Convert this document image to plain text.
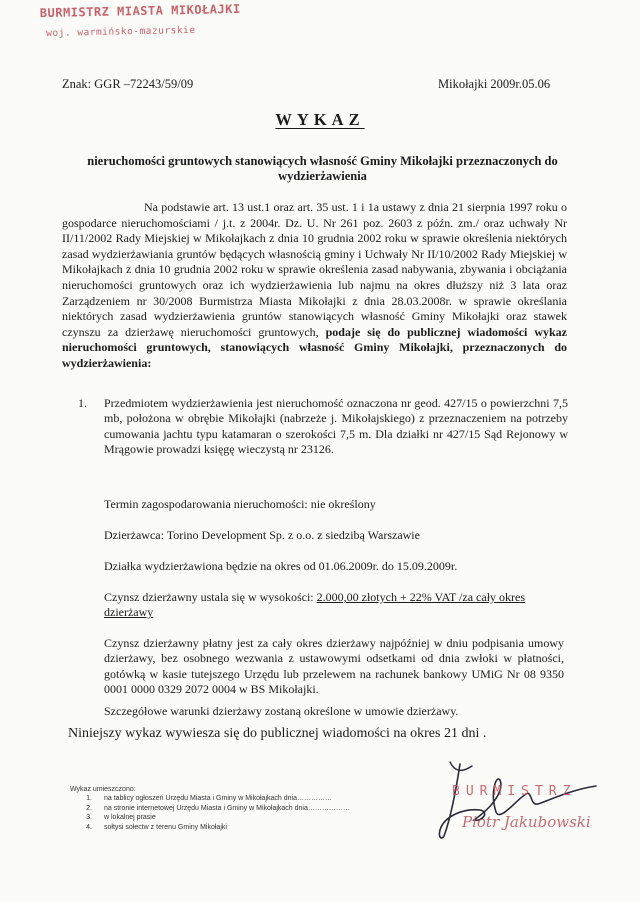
BURMISTRZ MIASTA MIKOŁAJKI
woj. warmińsko-mazurskie
Znak: GGR –72243/59/09	Mikołajki 2009r.05.06
WYKAZ
nieruchomości gruntowych stanowiących własność Gminy Mikołajki przeznaczonych do wydzierżawienia
Na podstawie art. 13 ust.1 oraz art. 35 ust. 1 i 1a ustawy z dnia 21 sierpnia 1997 roku o gospodarce nieruchomościami / j.t. z 2004r. Dz. U. Nr 261 poz. 2603 z późn. zm./ oraz uchwały Nr II/11/2002 Rady Miejskiej w Mikołajkach z dnia 10 grudnia 2002 roku w sprawie określenia niektórych zasad wydzierżawiania gruntów będących własnością gminy i Uchwały Nr II/10/2002 Rady Miejskiej w Mikołajkach z dnia 10 grudnia 2002 roku w sprawie określenia zasad nabywania, zbywania i obciążania nieruchomości gruntowych oraz ich wydzierżawienia lub najmu na okres dłuższy niż 3 lata oraz Zarządzeniem nr 30/2008 Burmistrza Miasta Mikołajki z dnia 28.03.2008r. w sprawie określania niektórych zasad wydzierżawienia gruntów stanowiących własność Gminy Mikołajki oraz stawek czynszu za dzierżawę nieruchomości gruntowych, podaje się do publicznej wiadomości wykaz nieruchomości gruntowych, stanowiących własność Gminy Mikołajki, przeznaczonych do wydzierżawienia:
1. Przedmiotem wydzierżawienia jest nieruchomość oznaczona nr geod. 427/15 o powierzchni 7,5 mb, położona w obrębie Mikołajki (nabrzeże j. Mikołajskiego) z przeznaczeniem na potrzeby cumowania jachtu typu katamaran o szerokości 7,5 m. Dla działki nr 427/15 Sąd Rejonowy w Mrągowie prowadzi księgę wieczystą nr 23126.
Termin zagospodarowania nieruchomości: nie określony
Dzierżawca: Torino Development Sp. z o.o. z siedzibą Warszawie
Działka wydzierżawiona będzie na okres od 01.06.2009r. do 15.09.2009r.
Czynsz dzierżawny ustala się w wysokości: 2.000,00 złotych + 22% VAT /za cały okres dzierżawy
Czynsz dzierżawny płatny jest za cały okres dzierżawy najpóźniej w dniu podpisania umowy dzierżawy, bez osobnego wezwania z ustawowymi odsetkami od dnia zwłoki w płatności, gotówką w kasie tutejszego Urzędu lub przelewem na rachunek bankowy UMiG Nr 08 9350 0001 0000 0329 2072 0004 w BS Mikołajki.
Szczegółowe warunki dzierżawy zostaną określone w umowie dzierżawy.
Niniejszy wykaz wywiesza się do publicznej wiadomości na okres 21 dni .
Wykaz umieszczono:
1. na tablicy ogłoszeń Urzędu Miasta i Gminy w Mikołajkach dnia……………
2. na stronie internetowej Urzędu Miasta i Gminy w Mikołajkach dnia………………
3. w lokalnej prasie
4. sołtysi sołectw z terenu Gminy Mikołajki
BURMISTRZ
Piotr Jakubowski
